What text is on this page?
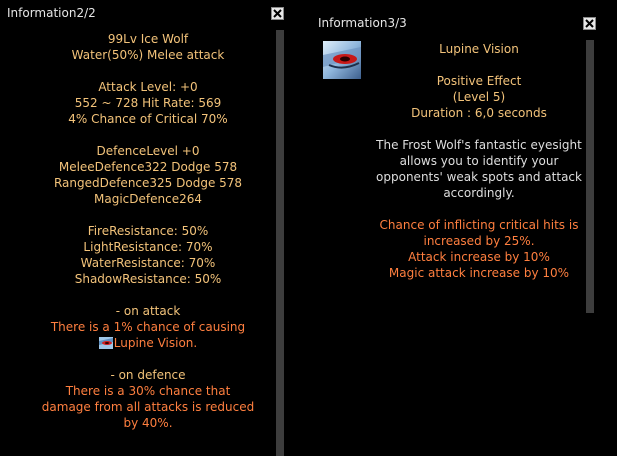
Information2/2
99Lv Ice Wolf
Water(50%) Melee attack
Attack Level: +0
552 ~ 728 Hit Rate: 569
4% Chance of Critical 70%
DefenceLevel +0
MeleeDefence322 Dodge 578
RangedDefence325 Dodge 578
MagicDefence264
FireResistance: 50%
LightResistance: 70%
WaterResistance: 70%
ShadowResistance: 50%
- on attack
There is a 1% chance of causing
Lupine Vision.
- on defence
There is a 30% chance that
damage from all attacks is reduced
by 40%.
Information3/3
Lupine Vision
Positive Effect
(Level 5)
Duration : 6,0 seconds
The Frost Wolf's fantastic eyesight
allows you to identify your
opponents' weak spots and attack
accordingly.
Chance of inflicting critical hits is
increased by 25%.
Attack increase by 10%
Magic attack increase by 10%
